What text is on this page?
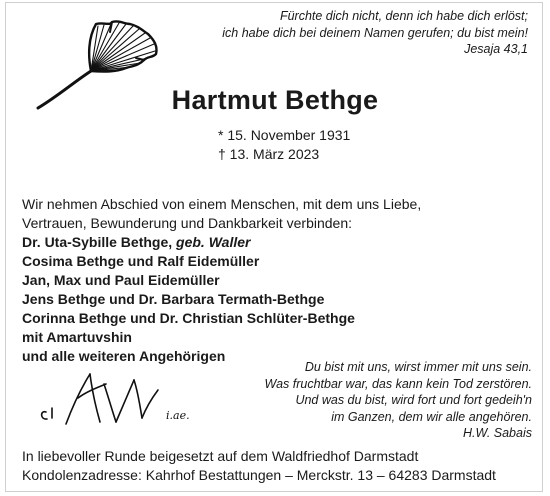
Fürchte dich nicht, denn ich habe dich erlöst;
ich habe dich bei deinem Namen gerufen; du bist mein!
Jesaja 43,1
Hartmut Bethge
* 15. November 1931
† 13. März 2023
Wir nehmen Abschied von einem Menschen, mit dem uns Liebe,
Vertrauen, Bewunderung und Dankbarkeit verbinden:
Dr. Uta-Sybille Bethge, geb. Waller
Cosima Bethge und Ralf Eidemüller
Jan, Max und Paul Eidemüller
Jens Bethge und Dr. Barbara Termath-Bethge
Corinna Bethge und Dr. Christian Schlüter-Bethge
mit Amartuvshin
und alle weiteren Angehörigen
i.ae.
Du bist mit uns, wirst immer mit uns sein.
Was fruchtbar war, das kann kein Tod zerstören.
Und was du bist, wird fort und fort gedeih'n
im Ganzen, dem wir alle angehören.
H.W. Sabais
In liebevoller Runde beigesetzt auf dem Waldfriedhof Darmstadt
Kondolenzadresse: Kahrhof Bestattungen – Merckstr. 13 – 64283 Darmstadt
